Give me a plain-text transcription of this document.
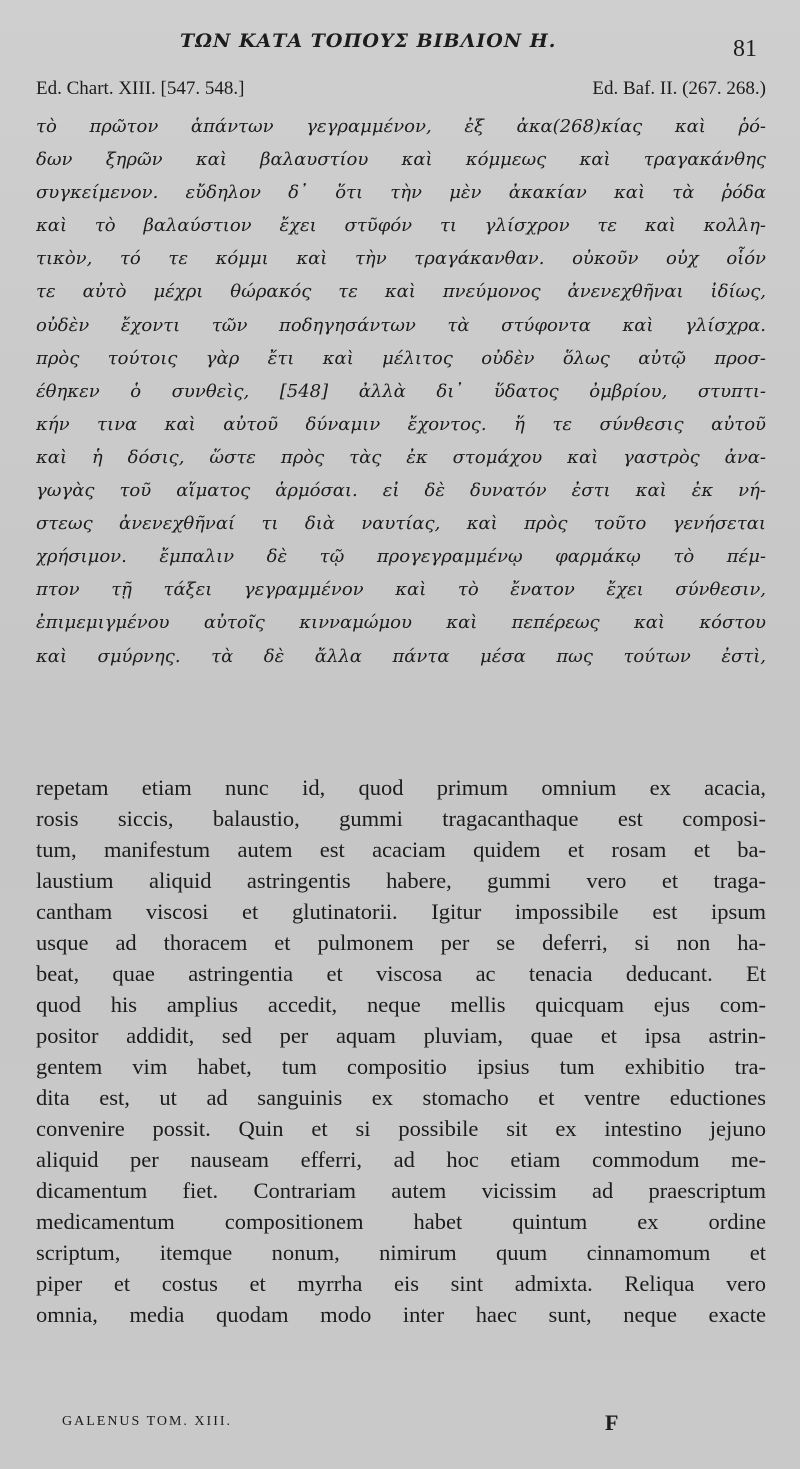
ΤΩΝ ΚΑΤΑ ΤΟΠΟΥΣ ΒΙΒΛΙΟΝ Η.	81
Ed. Chart. XIII. [547. 548.]	Ed. Baf. II. (267. 268.)
τὸ πρῶτον ἁπάντων γεγραμμένον, ἐξ ἀκα(268)κίας καὶ ῥό-
δων ξηρῶν καὶ βαλαυστίου καὶ κόμμεως καὶ τραγακάνθης
συγκείμενον. εὔδηλον δ᾽ ὅτι τὴν μὲν ἀκακίαν καὶ τὰ ῥόδα
καὶ τὸ βαλαύστιον ἔχει στῦφόν τι γλίσχρον τε καὶ κολλη-
τικὸν, τό τε κόμμι καὶ τὴν τραγάκανθαν. οὐκοῦν οὐχ οἷόν
τε αὐτὸ μέχρι θώρακός τε καὶ πνεύμονος ἀνενεχθῆναι ἰδίως,
οὐδὲν ἔχοντι τῶν ποδηγησάντων τὰ στύφοντα καὶ γλίσχρα.
πρὸς τούτοις γὰρ ἔτι καὶ μέλιτος οὐδὲν ὅλως αὐτῷ προσ-
έθηκεν ὁ συνθεὶς, [548] ἀλλὰ δι᾽ ὕδατος ὀμβρίου, στυπτι-
κήν τινα καὶ αὐτοῦ δύναμιν ἔχοντος. ἥ τε σύνθεσις αὐτοῦ
καὶ ἡ δόσις, ὥστε πρὸς τὰς ἐκ στομάχου καὶ γαστρὸς ἀνα-
γωγὰς τοῦ αἵματος ἁρμόσαι. εἰ δὲ δυνατόν ἐστι καὶ ἐκ νή-
στεως ἀνενεχθῆναί τι διὰ ναυτίας, καὶ πρὸς τοῦτο γενήσεται
χρήσιμον. ἔμπαλιν δὲ τῷ προγεγραμμένῳ φαρμάκῳ τὸ πέμ-
πτον τῇ τάξει γεγραμμένον καὶ τὸ ἔνατον ἔχει σύνθεσιν,
ἐπιμεμιγμένου αὐτοῖς κινναμώμου καὶ πεπέρεως καὶ κόστου
καὶ σμύρνης. τὰ δὲ ἄλλα πάντα μέσα πως τούτων ἐστὶ,
repetam etiam nunc id, quod primum omnium ex acacia,
rosis siccis, balaustio, gummi tragacanthaque est composi-
tum, manifestum autem est acaciam quidem et rosam et ba-
laustium aliquid astringentis habere, gummi vero et traga-
cantham viscosi et glutinatorii. Igitur impossibile est ipsum
usque ad thoracem et pulmonem per se deferri, si non ha-
beat, quae astringentia et viscosa ac tenacia deducant. Et
quod his amplius accedit, neque mellis quicquam ejus com-
positor addidit, sed per aquam pluviam, quae et ipsa astrin-
gentem vim habet, tum compositio ipsius tum exhibitio tra-
dita est, ut ad sanguinis ex stomacho et ventre eductiones
convenire possit. Quin et si possibile sit ex intestino jejuno
aliquid per nauseam efferri, ad hoc etiam commodum me-
dicamentum fiet. Contrariam autem vicissim ad praescriptum
medicamentum compositionem habet quintum ex ordine
scriptum, itemque nonum, nimirum quum cinnamomum et
piper et costus et myrrha eis sint admixta. Reliqua vero
omnia, media quodam modo inter haec sunt, neque exacte
GALENUS TOM. XIII.	F
